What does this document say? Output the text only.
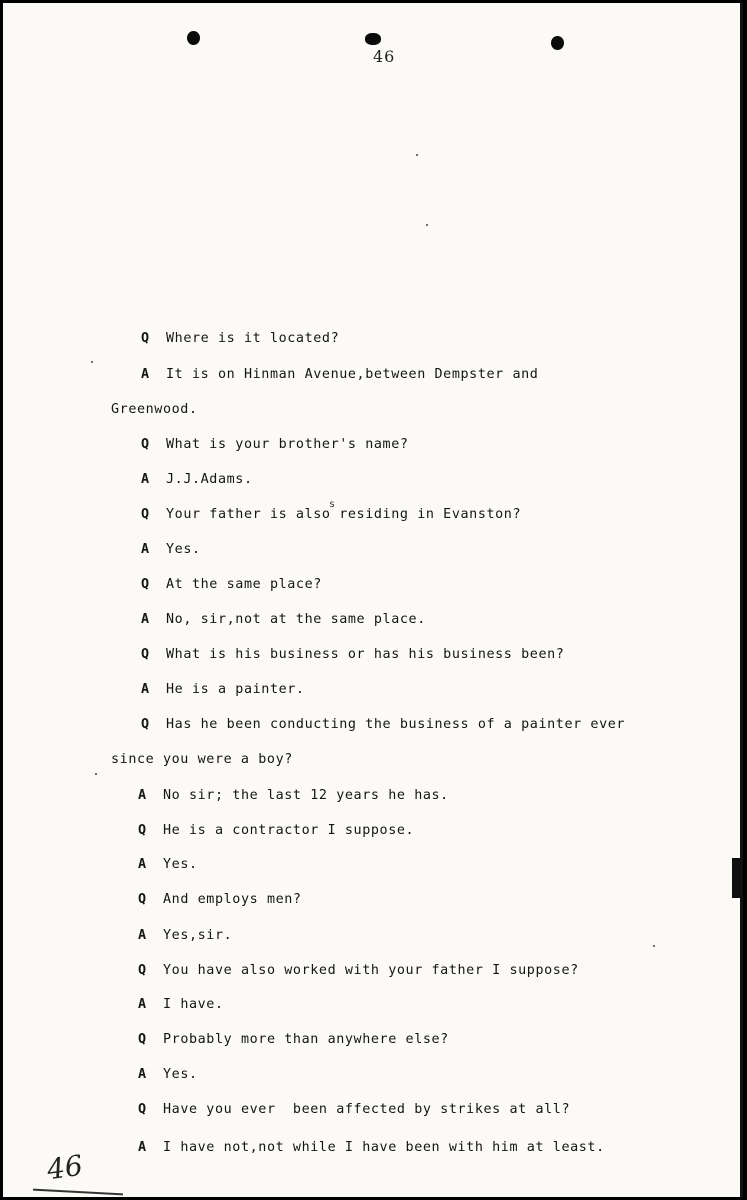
46
s
Q Where is it located?
A It is on Hinman Avenue,between Dempster and
Greenwood.
Q What is your brother's name?
A J.J.Adams.
Q Your father is also residing in Evanston?
A Yes.
Q At the same place?
A No, sir,not at the same place.
Q What is his business or has his business been?
A He is a painter.
Q Has he been conducting the business of a painter ever
since you were a boy?
A No sir; the last 12 years he has.
Q He is a contractor I suppose.
A Yes.
Q And employs men?
A Yes,sir.
Q You have also worked with your father I suppose?
A I have.
Q Probably more than anywhere else?
A Yes.
Q Have you ever  been affected by strikes at all?
A I have not,not while I have been with him at least.
46
